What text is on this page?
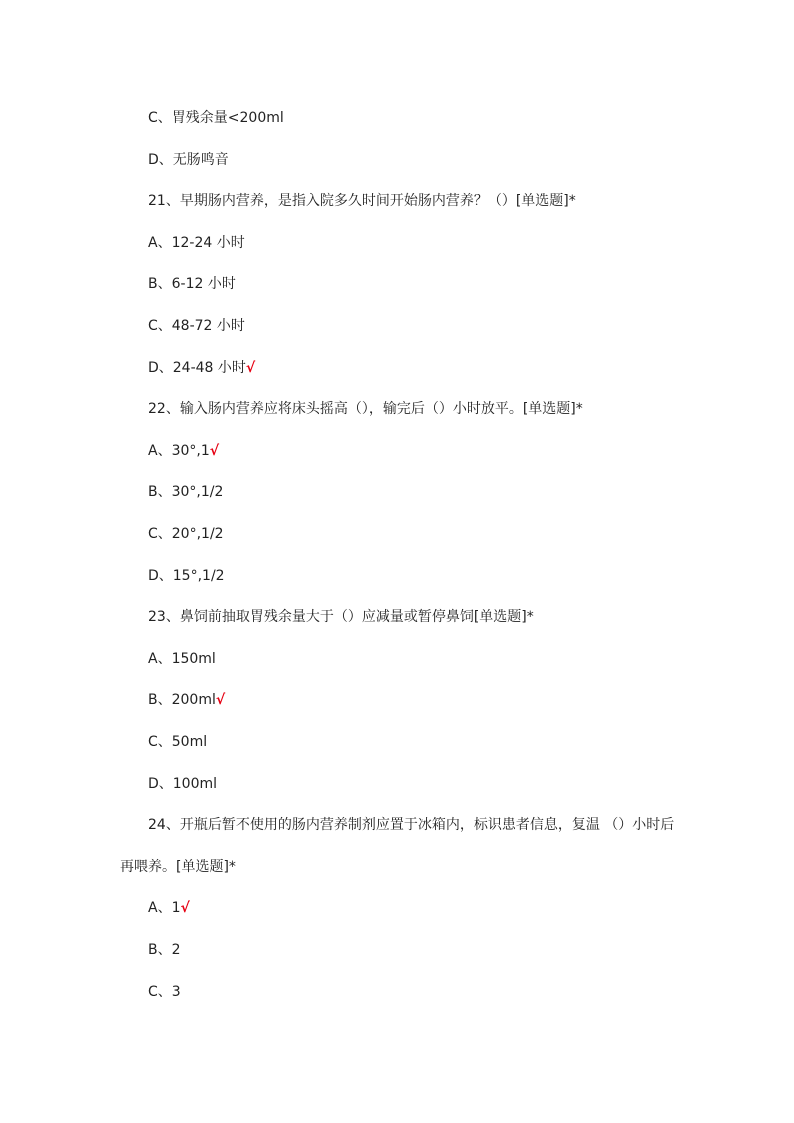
C、胃残余量<200ml
D、无肠鸣音
21、早期肠内营养，是指入院多久时间开始肠内营养？（）[单选题]*
A、12-24 小时
B、6-12 小时
C、48-72 小时
D、24-48 小时√
22、输入肠内营养应将床头摇高（），输完后（）小时放平。[单选题]*
A、30°,1√
B、30°,1/2
C、20°,1/2
D、15°,1/2
23、鼻饲前抽取胃残余量大于（）应减量或暂停鼻饲[单选题]*
A、150ml
B、200ml√
C、50ml
D、100ml
24、开瓶后暂不使用的肠内营养制剂应置于冰箱内，标识患者信息，复温 （）小时后
再喂养。[单选题]*
A、1√
B、2
C、3
